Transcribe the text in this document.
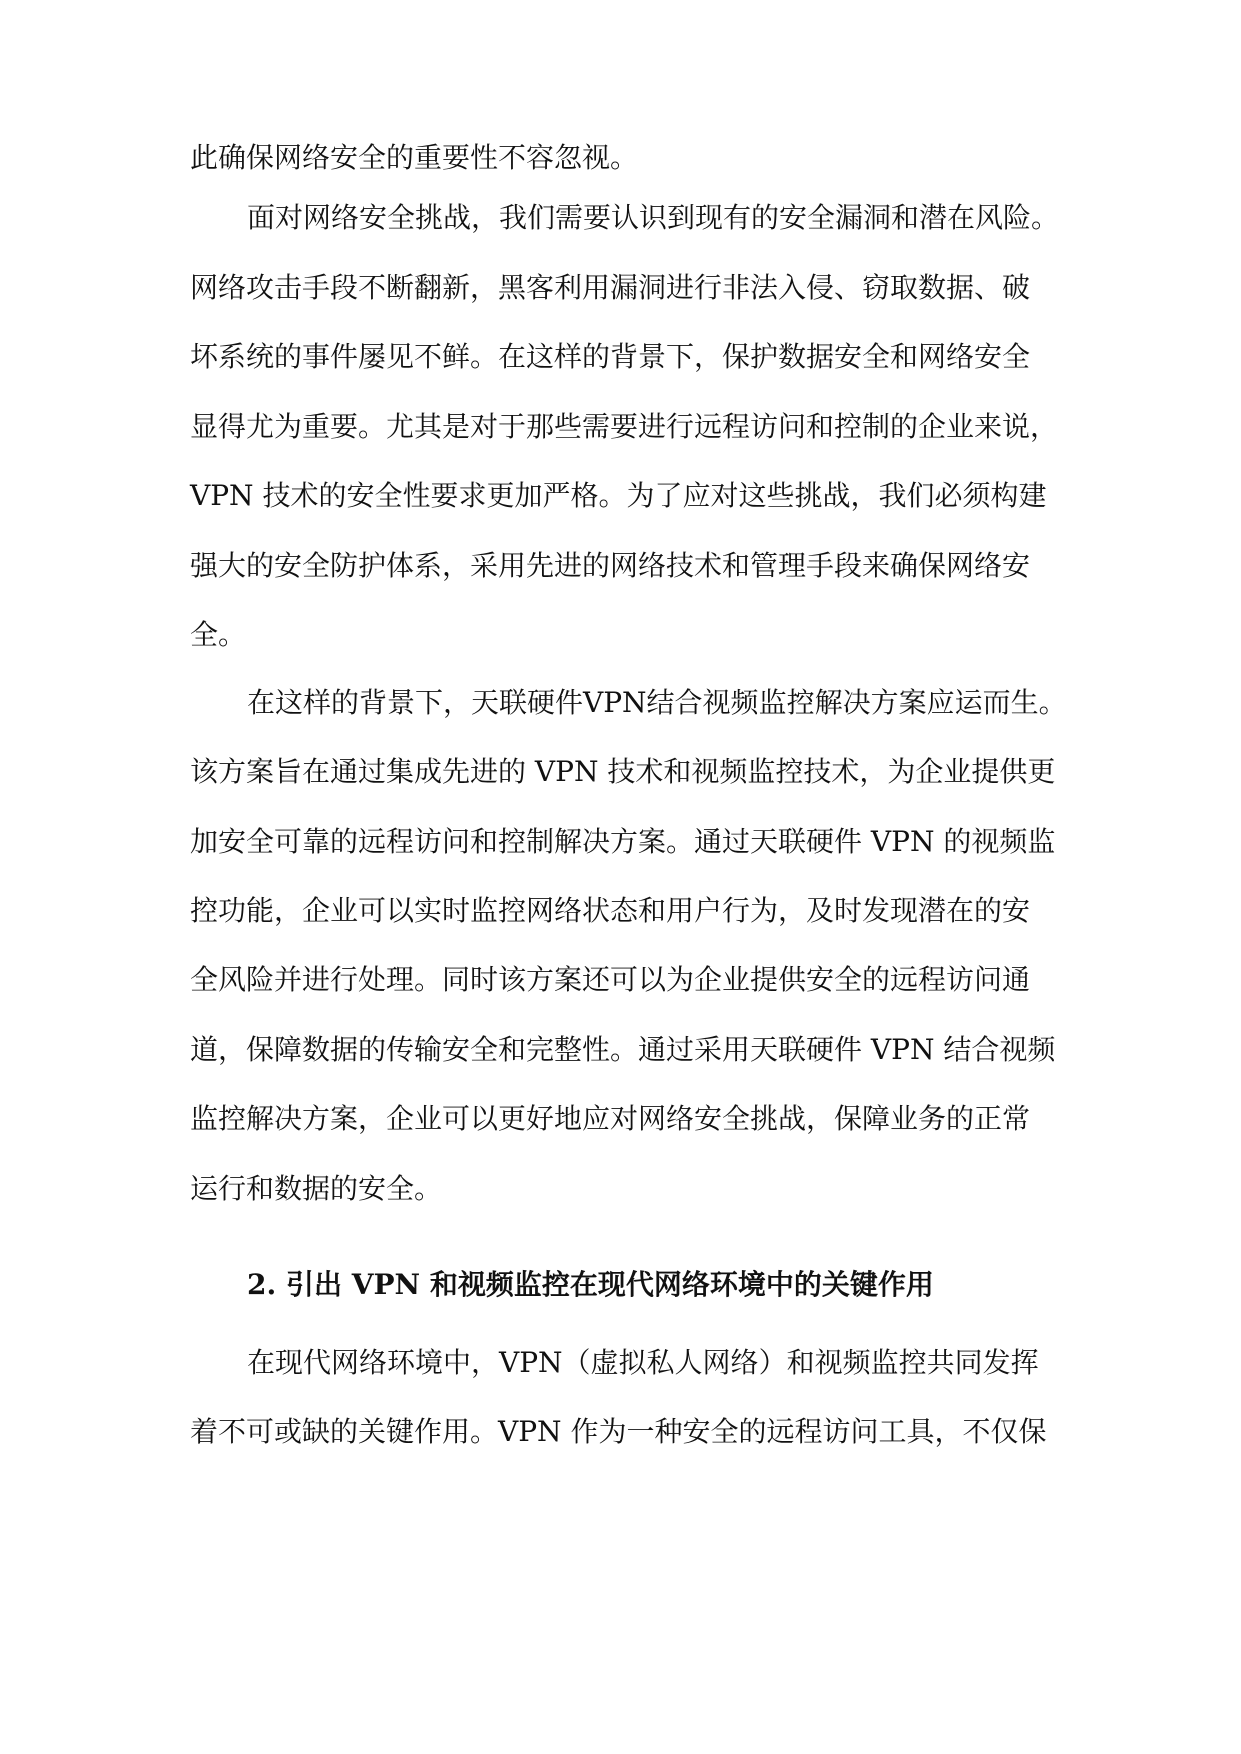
此确保网络安全的重要性不容忽视。
面对网络安全挑战，我们需要认识到现有的安全漏洞和潜在风险。
网络攻击手段不断翻新，黑客利用漏洞进行非法入侵、窃取数据、破
坏系统的事件屡见不鲜。在这样的背景下，保护数据安全和网络安全
显得尤为重要。尤其是对于那些需要进行远程访问和控制的企业来说，
VPN 技术的安全性要求更加严格。为了应对这些挑战，我们必须构建
强大的安全防护体系，采用先进的网络技术和管理手段来确保网络安
全。
在这样的背景下，天联硬件VPN结合视频监控解决方案应运而生。
该方案旨在通过集成先进的 VPN 技术和视频监控技术，为企业提供更
加安全可靠的远程访问和控制解决方案。通过天联硬件 VPN 的视频监
控功能，企业可以实时监控网络状态和用户行为，及时发现潜在的安
全风险并进行处理。同时该方案还可以为企业提供安全的远程访问通
道，保障数据的传输安全和完整性。通过采用天联硬件 VPN 结合视频
监控解决方案，企业可以更好地应对网络安全挑战，保障业务的正常
运行和数据的安全。
2. 引出 VPN 和视频监控在现代网络环境中的关键作用
在现代网络环境中，VPN（虚拟私人网络）和视频监控共同发挥
着不可或缺的关键作用。VPN 作为一种安全的远程访问工具，不仅保
